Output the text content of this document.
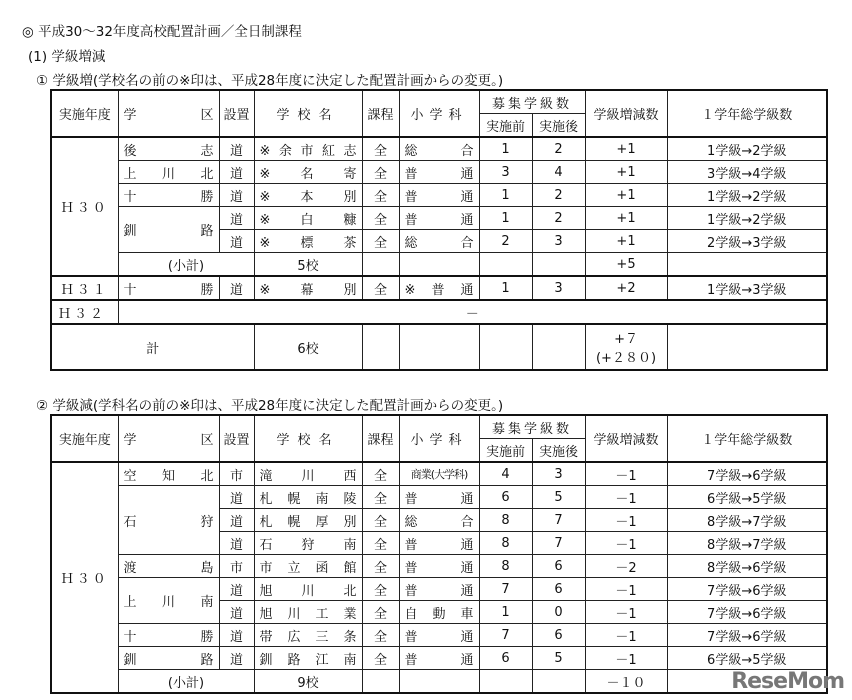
◎ 平成30～32年度高校配置計画／全日制課程
(1) 学級増減
① 学級増(学校名の前の※印は、平成28年度に決定した配置計画からの変更。)
実施年度	学区	設置	学校名	課程	小学科	募集学級数		学級増減数	１学年総学級数
						実施前	実施後		
Ｈ３０	後志	道	※余市紅志	全	総合	1	2	+1	1学級→2学級
	上川北	道	※名寄	全	普通	3	4	+1	3学級→4学級
	十勝	道	※本別	全	普通	1	2	+1	1学級→2学級
	釧路	道	※白糠	全	普通	1	2	+1	1学級→2学級
		道	※標茶	全	総合	2	3	+1	2学級→3学級
	(小計)		5校					+5	
Ｈ３１	十勝	道	※幕別	全	※普通	1	3	+2	1学級→3学級
Ｈ３２	－								
計			6校					+７
(+２８０)	

② 学級減(学科名の前の※印は、平成28年度に決定した配置計画からの変更。)
実施年度	学区	設置	学校名	課程	小学科	募集学級数		学級増減数	１学年総学級数
						実施前	実施後		
Ｈ３０	空知北	市	滝川西	全	商業(大学科)	4	3	－1	7学級→6学級
	石狩	道	札幌南陵	全	普通	6	5	－1	6学級→5学級
		道	札幌厚別	全	総合	8	7	－1	8学級→7学級
		道	石狩南	全	普通	8	7	－1	8学級→7学級
	渡島	市	市立函館	全	普通	8	6	－2	8学級→6学級
	上川南	道	旭川北	全	普通	7	6	－1	7学級→6学級
		道	旭川工業	全	自動車	1	0	－1	7学級→6学級
	十勝	道	帯広三条	全	普通	7	6	－1	7学級→6学級
	釧路	道	釧路江南	全	普通	6	5	－1	6学級→5学級
	(小計)		9校					－１０		ReseMom
